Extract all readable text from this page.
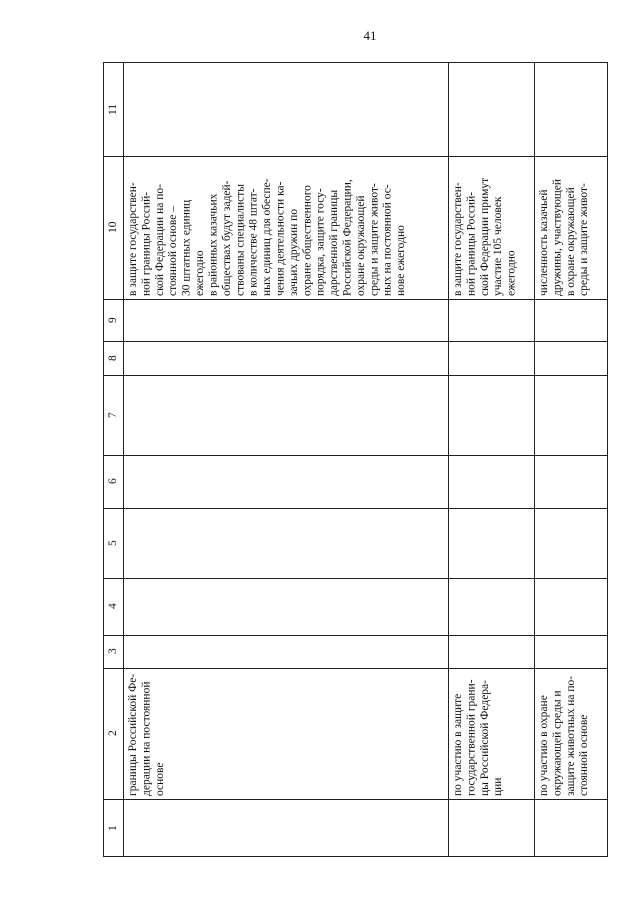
41
1
2
3
4
5
6
7
8
9
10
11
границы Российской Фе- дерации на постоянной основе
в защите государствен- ной границы Россий- ской Федерации на по- стоянной основе – 30 штатных единиц ежегодно в районных казачьих обществах будут задей- ствованы специалисты в количестве 48 штат- ных единиц для обеспе- чения деятельности ка- зачьих дружин по охране общественного порядка, защите госу- дарственной границы Российской Федерации, охране окружающей среды и защите живот- ных на постоянной ос- нове ежегодно
по участию в защите государственной грани- цы Российской Федера- ции
в защите государствен- ной границы Россий- ской Федерации примут участие 105 человек ежегодно
по участию в охране окружающей среды и защите животных на по- стоянной основе
численность казачьей дружины, участвующей в охране окружающей среды и защите живот-
